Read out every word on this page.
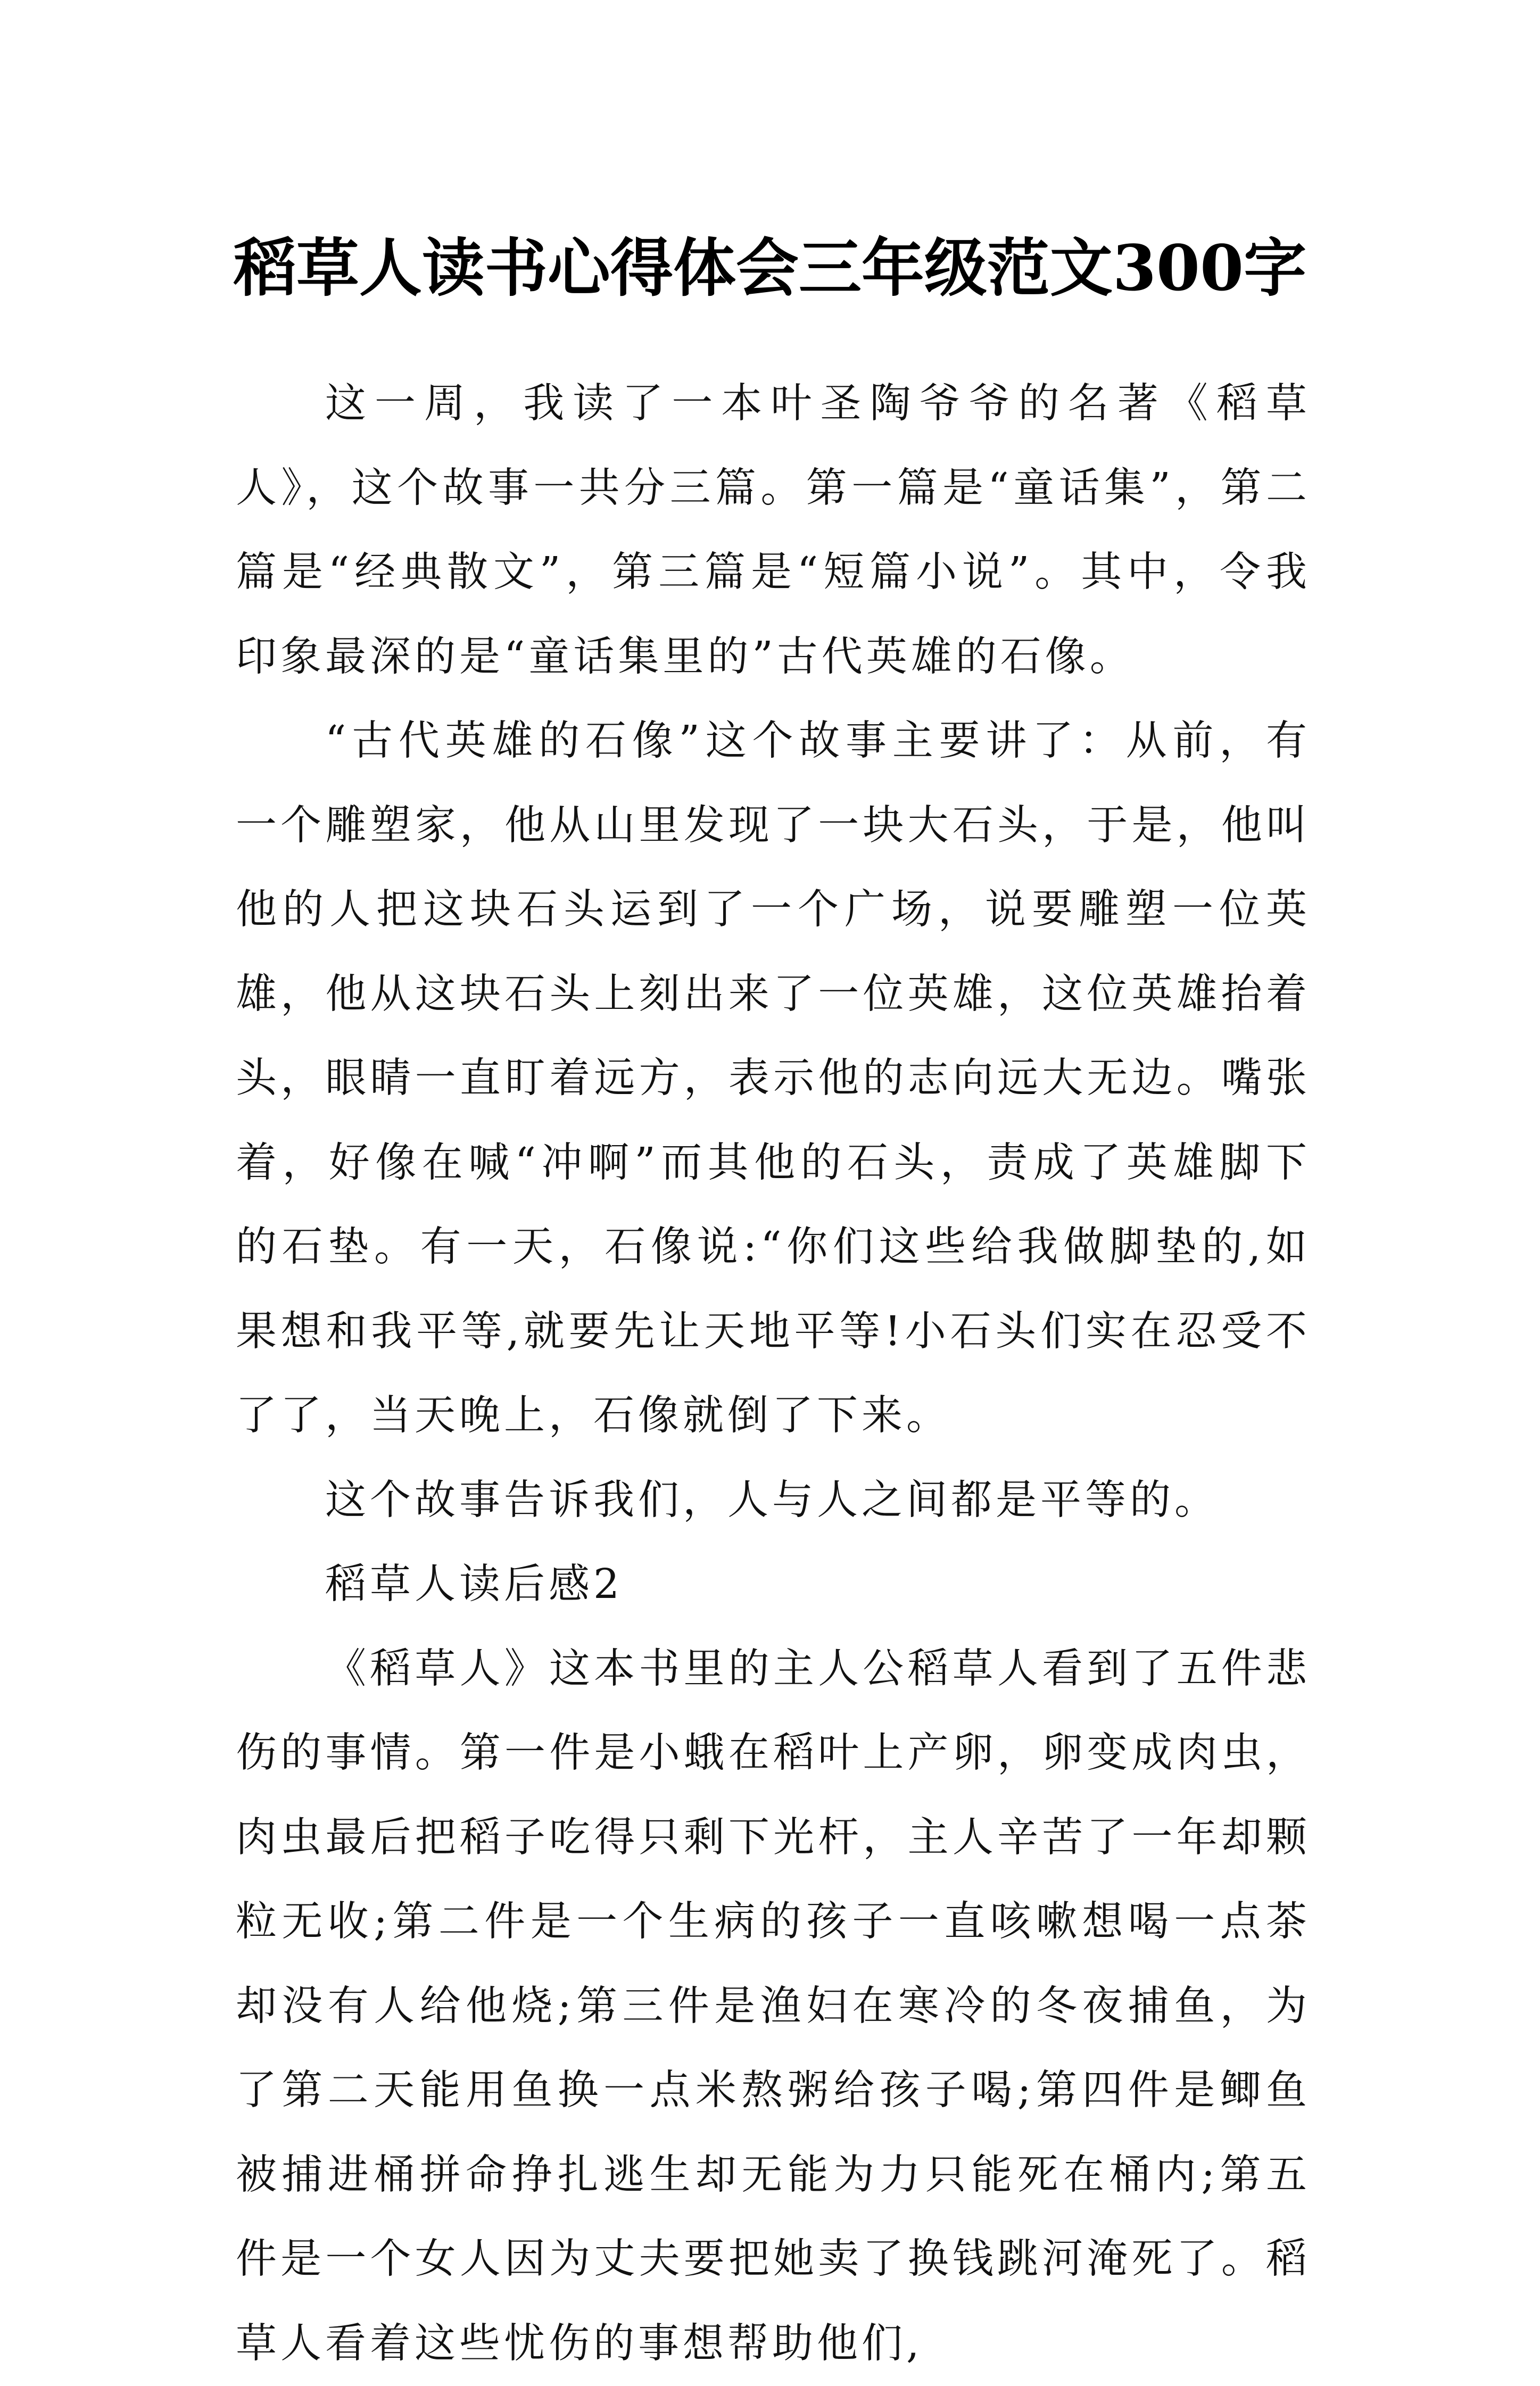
稻草人读书心得体会三年级范文300字

这一周，我读了一本叶圣陶爷爷的名著《稻草人》，这个故事一共分三篇。第一篇是“童话集”，第二篇是“经典散文”，第三篇是“短篇小说”。其中，令我印象最深的是“童话集里的”古代英雄的石像。

“古代英雄的石像”这个故事主要讲了：从前，有一个雕塑家，他从山里发现了一块大石头，于是，他叫他的人把这块石头运到了一个广场，说要雕塑一位英雄，他从这块石头上刻出来了一位英雄，这位英雄抬着头，眼睛一直盯着远方，表示他的志向远大无边。嘴张着，好像在喊“冲啊”而其他的石头，责成了英雄脚下的石垫。有一天，石像说:“你们这些给我做脚垫的,如果想和我平等,就要先让天地平等!小石头们实在忍受不了了，当天晚上，石像就倒了下来。

这个故事告诉我们，人与人之间都是平等的。

稻草人读后感2

《稻草人》这本书里的主人公稻草人看到了五件悲伤的事情。第一件是小蛾在稻叶上产卵，卵变成肉虫，肉虫最后把稻子吃得只剩下光杆，主人辛苦了一年却颗粒无收;第二件是一个生病的孩子一直咳嗽想喝一点茶却没有人给他烧;第三件是渔妇在寒冷的冬夜捕鱼，为了第二天能用鱼换一点米熬粥给孩子喝;第四件是鲫鱼被捕进桶拼命挣扎逃生却无能为力只能死在桶内;第五件是一个女人因为丈夫要把她卖了换钱跳河淹死了。稻草人看着这些忧伤的事想帮助他们,
